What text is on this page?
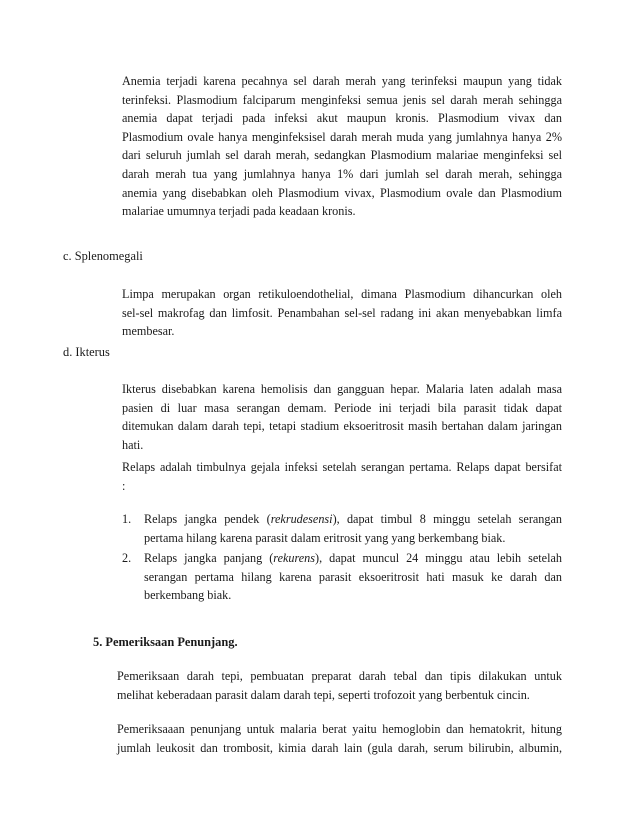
Anemia terjadi karena pecahnya sel darah merah yang terinfeksi maupun yang tidak
terinfeksi. Plasmodium falciparum menginfeksi semua jenis sel darah merah sehingga
anemia dapat terjadi pada infeksi akut maupun kronis. Plasmodium vivax dan
Plasmodium ovale hanya menginfeksisel darah merah muda yang jumlahnya hanya 2%
dari seluruh jumlah sel darah merah, sedangkan Plasmodium malariae menginfeksi sel
darah merah tua yang jumlahnya hanya 1% dari jumlah sel darah merah, sehingga
anemia yang disebabkan oleh Plasmodium vivax, Plasmodium ovale dan Plasmodium
malariae umumnya terjadi pada keadaan kronis.

c. Splenomegali

Limpa merupakan organ retikuloendothelial, dimana Plasmodium dihancurkan oleh
sel-sel makrofag dan limfosit. Penambahan sel-sel radang ini akan menyebabkan limfa
membesar.

d. Ikterus

Ikterus disebabkan karena hemolisis dan gangguan hepar. Malaria laten adalah masa
pasien di luar masa serangan demam. Periode ini terjadi bila parasit tidak dapat
ditemukan dalam darah tepi, tetapi stadium eksoeritrosit masih bertahan dalam jaringan
hati.
Relaps adalah timbulnya gejala infeksi setelah serangan pertama. Relaps dapat bersifat
:
1. Relaps jangka pendek (rekrudesensi), dapat timbul 8 minggu setelah serangan
pertama hilang karena parasit dalam eritrosit yang yang berkembang biak.
2. Relaps jangka panjang (rekurens), dapat muncul 24 minggu atau lebih setelah
serangan pertama hilang karena parasit eksoeritrosit hati masuk ke darah dan
berkembang biak.

5. Pemeriksaan Penunjang.

Pemeriksaan darah tepi, pembuatan preparat darah tebal dan tipis dilakukan untuk
melihat keberadaan parasit dalam darah tepi, seperti trofozoit yang berbentuk cincin.
Pemeriksaaan penunjang untuk malaria berat yaitu hemoglobin dan hematokrit, hitung
jumlah leukosit dan trombosit, kimia darah lain (gula darah, serum bilirubin, albumin,
